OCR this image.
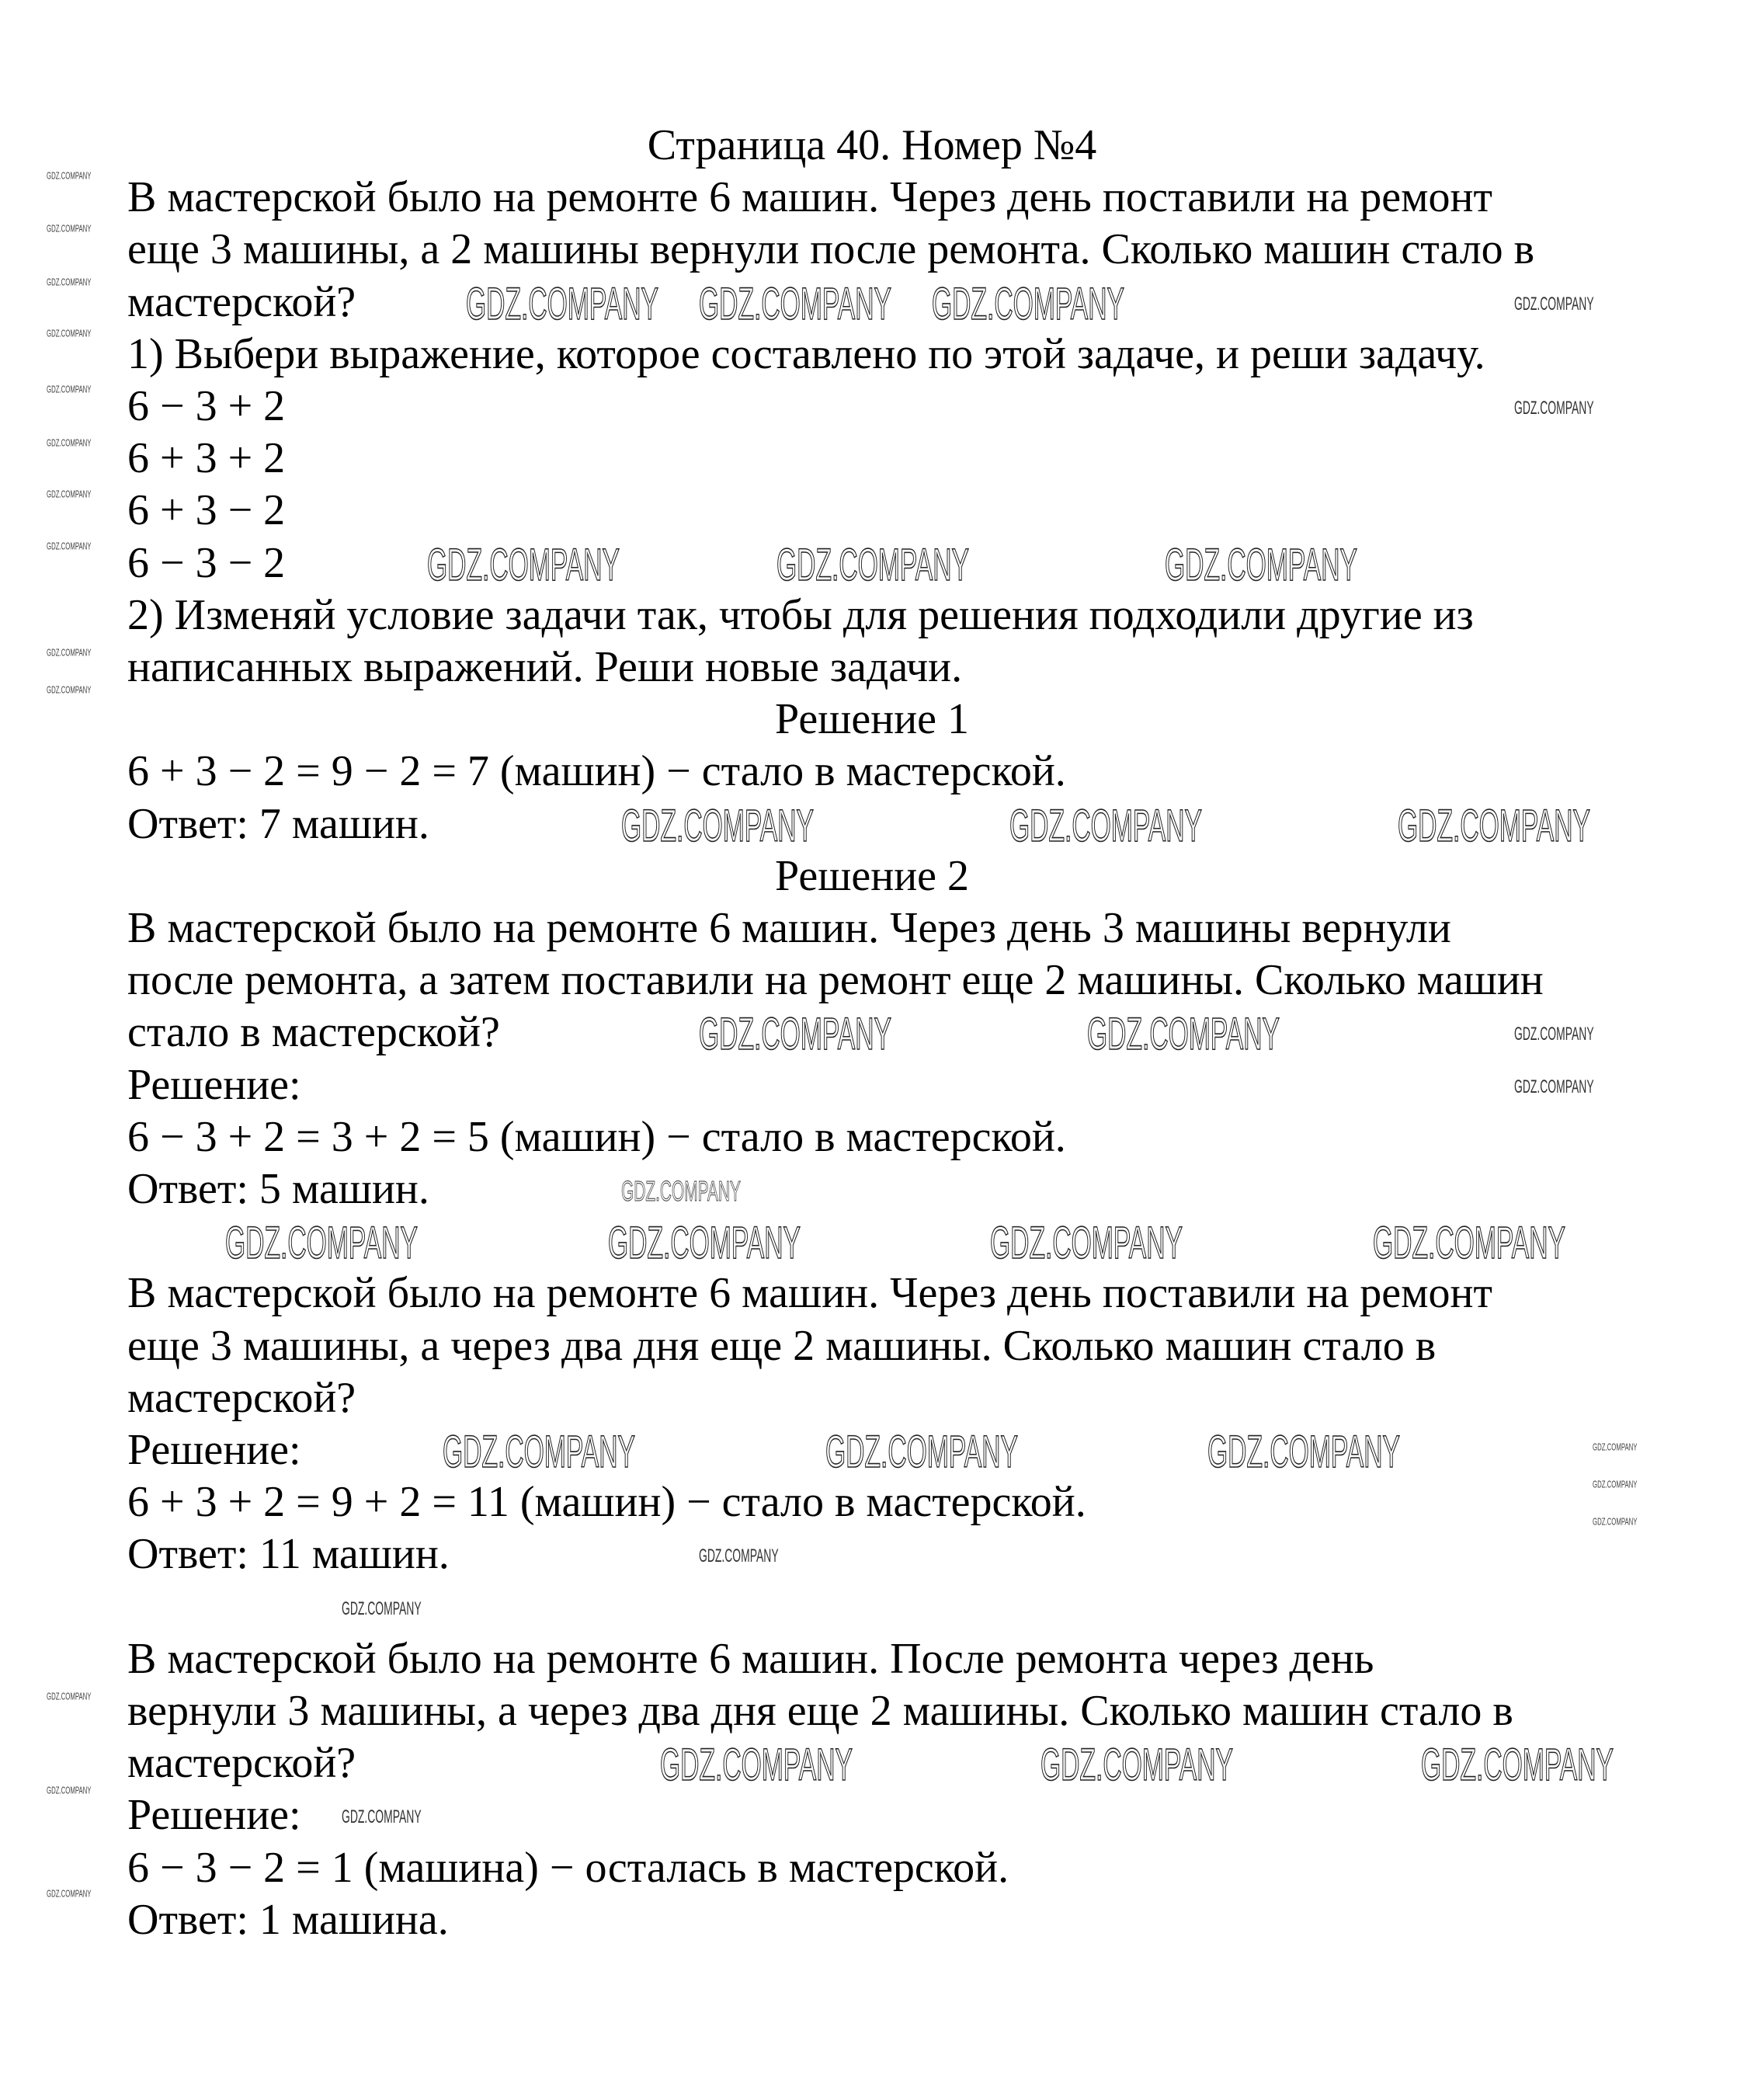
Страница 40. Номер №4
В мастерской было на ремонте 6 машин. Через день поставили на ремонт
еще 3 машины, а 2 машины вернули после ремонта. Сколько машин стало в
мастерской?
1) Выбери выражение, которое составлено по этой задаче, и реши задачу.
6 − 3 + 2
6 + 3 + 2
6 + 3 − 2
6 − 3 − 2
2) Изменяй условие задачи так, чтобы для решения подходили другие из
написанных выражений. Реши новые задачи.
Решение 1
6 + 3 − 2 = 9 − 2 = 7 (машин) − стало в мастерской.
Ответ: 7 машин.
Решение 2
В мастерской было на ремонте 6 машин. Через день 3 машины вернули
после ремонта, а затем поставили на ремонт еще 2 машины. Сколько машин
стало в мастерской?
Решение:
6 − 3 + 2 = 3 + 2 = 5 (машин) − стало в мастерской.
Ответ: 5 машин.
В мастерской было на ремонте 6 машин. Через день поставили на ремонт
еще 3 машины, а через два дня еще 2 машины. Сколько машин стало в
мастерской?
Решение:
6 + 3 + 2 = 9 + 2 = 11 (машин) − стало в мастерской.
Ответ: 11 машин.
В мастерской было на ремонте 6 машин. После ремонта через день
вернули 3 машины, а через два дня еще 2 машины. Сколько машин стало в
мастерской?
Решение:
6 − 3 − 2 = 1 (машина) − осталась в мастерской.
Ответ: 1 машина.
GDZ.COMPANY GDZ.COMPANY GDZ.COMPANY
GDZ.COMPANY	GDZ.COMPANY	GDZ.COMPANY
GDZ.COMPANY	GDZ.COMPANY	GDZ.COMPANY
GDZ.COMPANY	GDZ.COMPANY
GDZ.COMPANY	GDZ.COMPANY	GDZ.COMPANY	GDZ.COMPANY
GDZ.COMPANY	GDZ.COMPANY	GDZ.COMPANY
GDZ.COMPANY	GDZ.COMPANY	GDZ.COMPANY
GDZ.COMPANY
GDZ.COMPANY
GDZ.COMPANY
GDZ.COMPANY
GDZ.COMPANY
GDZ.COMPANY
GDZ.COMPANY
GDZ.COMPANY
GDZ.COMPANY
GDZ.COMPANY
GDZ.COMPANY
GDZ.COMPANY
GDZ.COMPANY
GDZ.COMPANY
GDZ.COMPANY
GDZ.COMPANY
GDZ.COMPANY
GDZ.COMPANY
GDZ.COMPANY
GDZ.COMPANY
GDZ.COMPANY
GDZ.COMPANY
GDZ.COMPANY
GDZ.COMPANY
